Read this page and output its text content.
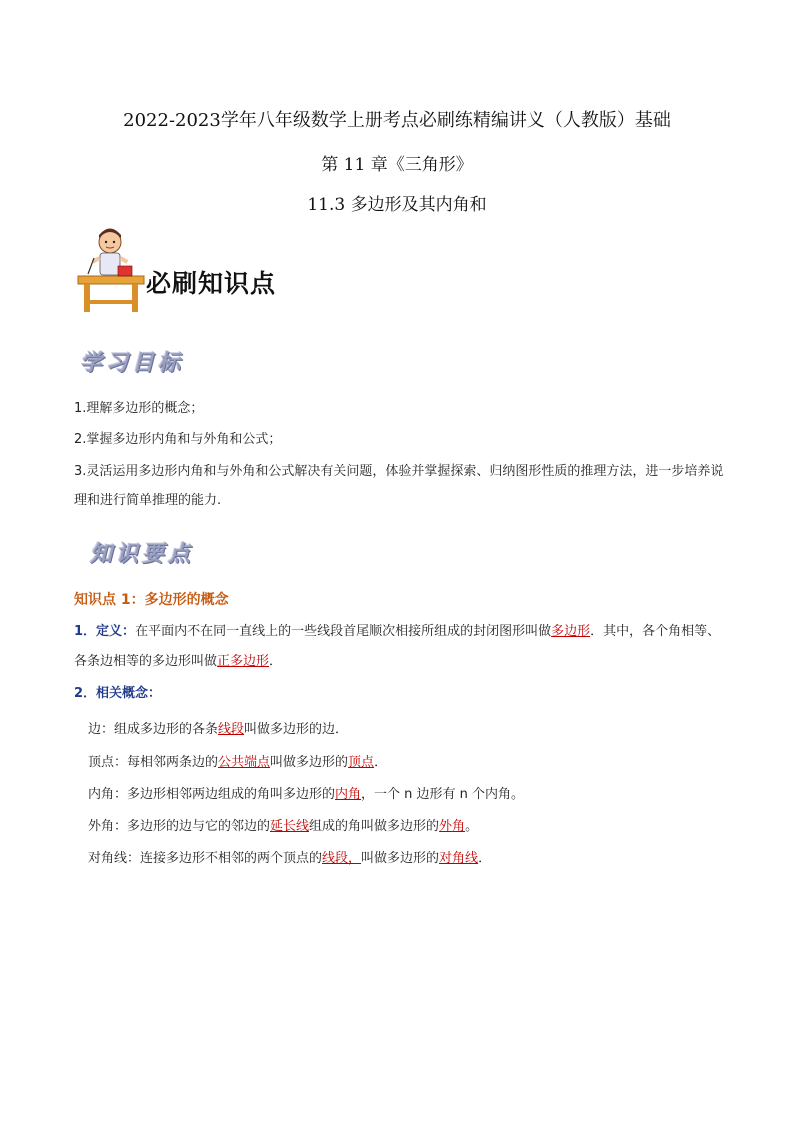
2022-2023学年八年级数学上册考点必刷练精编讲义（人教版）基础
第 11 章《三角形》
11.3 多边形及其内角和
必刷知识点
学习目标
1.理解多边形的概念；
2.掌握多边形内角和与外角和公式；
3.灵活运用多边形内角和与外角和公式解决有关问题，体验并掌握探索、归纳图形性质的推理方法，进一步培养说理和进行简单推理的能力.
知识要点
知识点 1：多边形的概念
1．定义：在平面内不在同一直线上的一些线段首尾顺次相接所组成的封闭图形叫做多边形．其中，各个角相等、各条边相等的多边形叫做正多边形．
2．相关概念：
边：组成多边形的各条线段叫做多边形的边．
顶点：每相邻两条边的公共端点叫做多边形的顶点．
内角：多边形相邻两边组成的角叫多边形的内角，一个 n 边形有 n 个内角。
外角：多边形的边与它的邻边的延长线组成的角叫做多边形的外角。
对角线：连接多边形不相邻的两个顶点的线段，叫做多边形的对角线．
